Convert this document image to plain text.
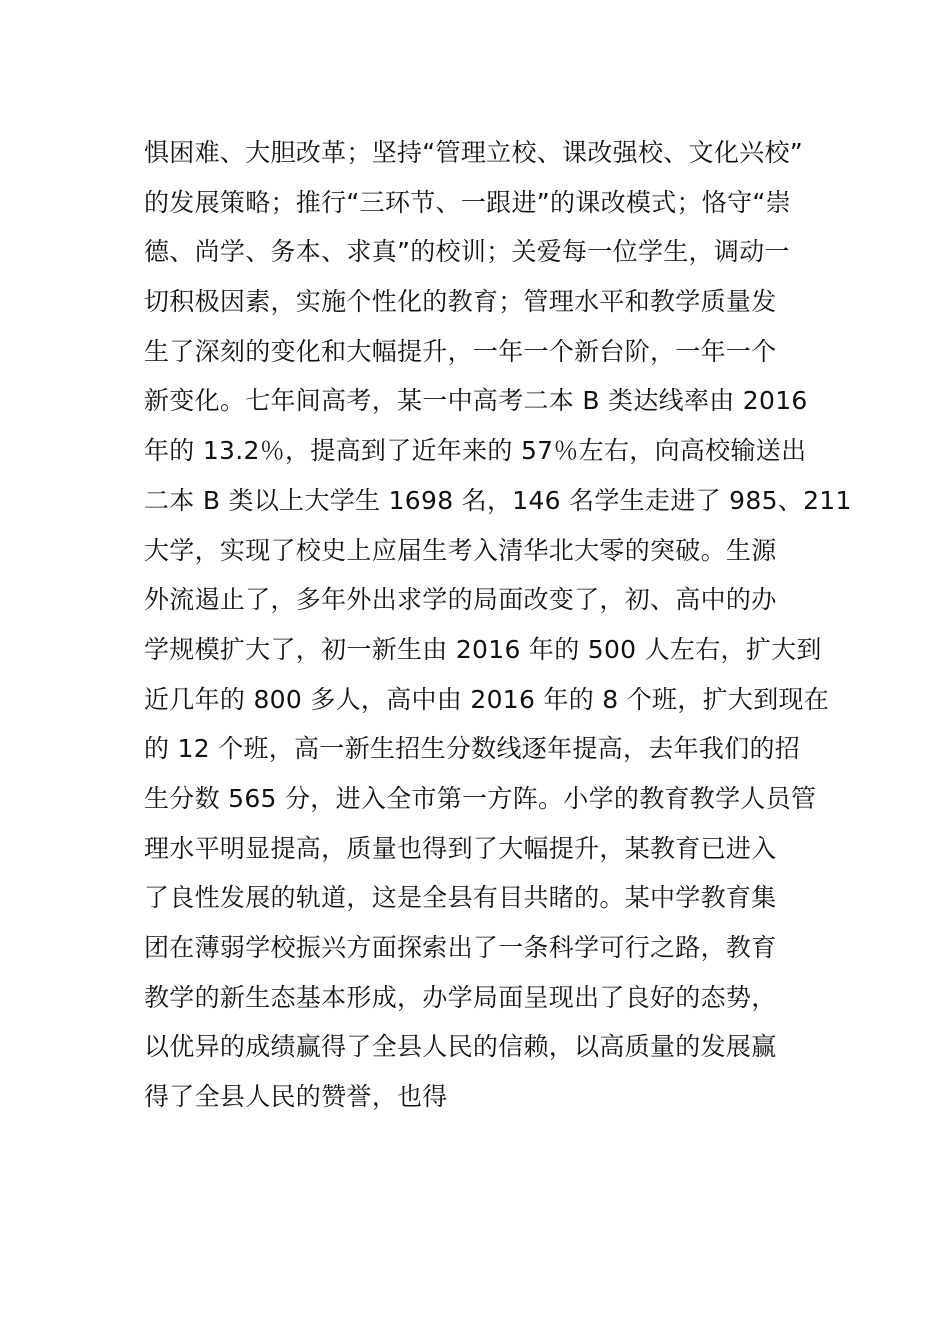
惧困难、大胆改革；坚持“管理立校、课改强校、文化兴校”
的发展策略；推行“三环节、一跟进”的课改模式；恪守“崇
德、尚学、务本、求真”的校训；关爱每一位学生，调动一
切积极因素，实施个性化的教育；管理水平和教学质量发
生了深刻的变化和大幅提升，一年一个新台阶，一年一个
新变化。七年间高考，某一中高考二本 B 类达线率由 2016
年的 13.2％，提高到了近年来的 57％左右，向高校输送出
二本 B 类以上大学生 1698 名，146 名学生走进了 985、211
大学，实现了校史上应届生考入清华北大零的突破。生源
外流遏止了，多年外出求学的局面改变了，初、高中的办
学规模扩大了，初一新生由 2016 年的 500 人左右，扩大到
近几年的 800 多人，高中由 2016 年的 8 个班，扩大到现在
的 12 个班，高一新生招生分数线逐年提高，去年我们的招
生分数 565 分，进入全市第一方阵。小学的教育教学人员管
理水平明显提高，质量也得到了大幅提升，某教育已进入
了良性发展的轨道，这是全县有目共睹的。某中学教育集
团在薄弱学校振兴方面探索出了一条科学可行之路，教育
教学的新生态基本形成，办学局面呈现出了良好的态势，
以优异的成绩赢得了全县人民的信赖，以高质量的发展赢
得了全县人民的赞誉，也得
